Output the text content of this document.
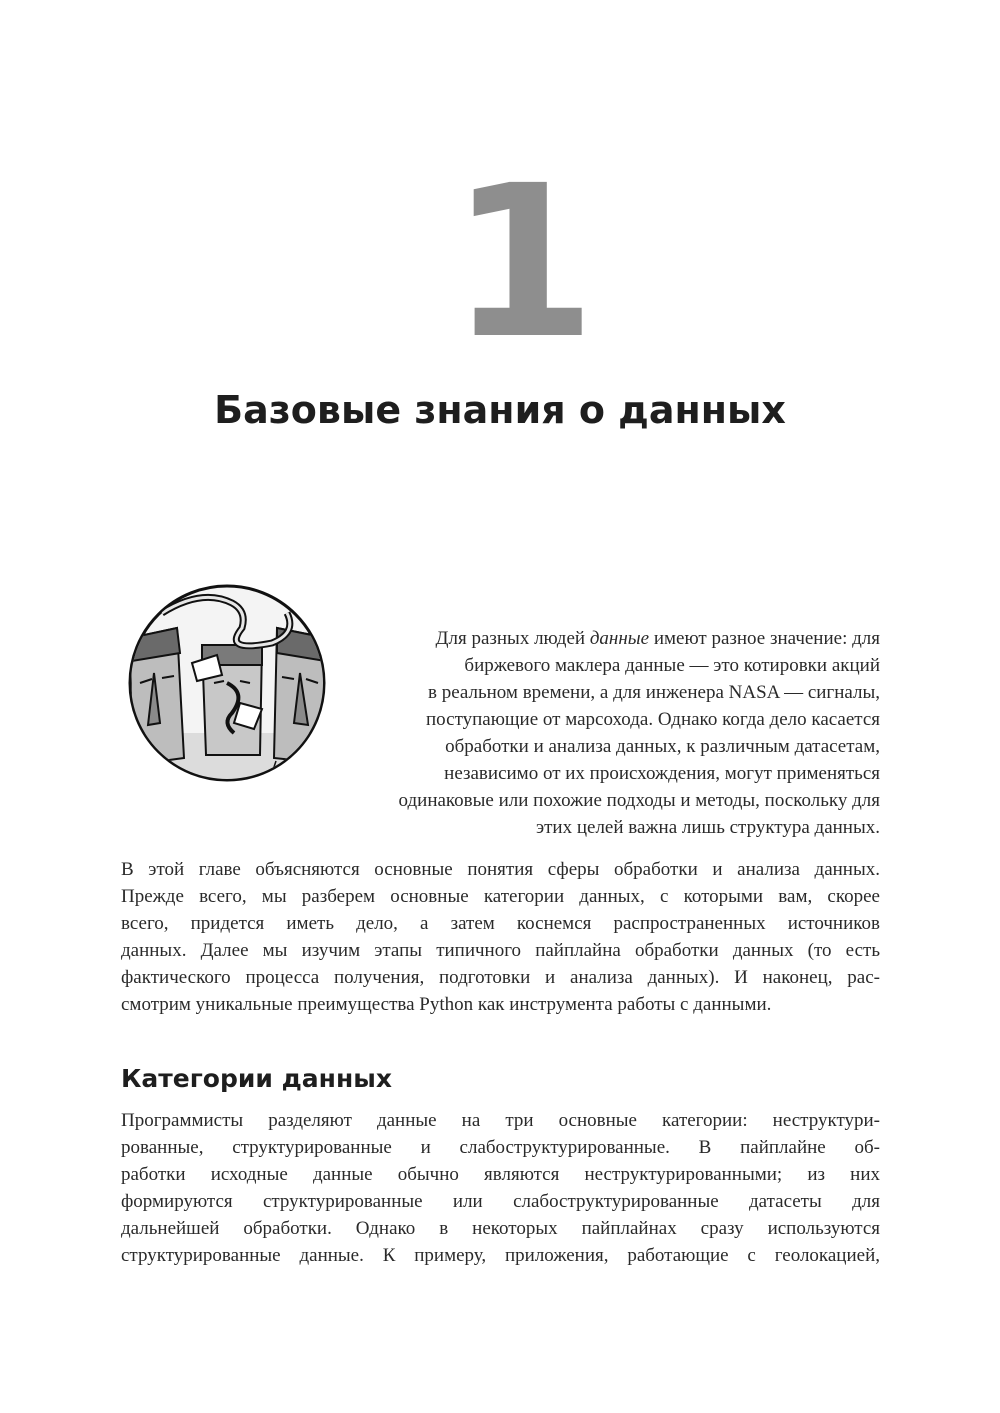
1
Базовые знания о данных

Для разных людей данные имеют разное значение: для

биржевого маклера данные — это котировки акций

в реальном времени, а для инженера NASA — сигналы,

поступающие от марсохода. Однако когда дело касается

обработки и анализа данных, к различным датасетам,

независимо от их происхождения, могут применяться

одинаковые или похожие подходы и методы, поскольку для

этих целей важна лишь структура данных.

В этой главе объясняются основные понятия сферы обработки и анализа данных.
Прежде всего, мы разберем основные категории данных, с которыми вам, скорее
всего, придется иметь дело, а затем коснемся распространенных источников
данных. Далее мы изучим этапы типичного пайплайна обработки данных (то есть
фактического процесса получения, подготовки и анализа данных). И наконец, рас-
смотрим уникальные преимущества Python как инструмента работы с данными.
Категории данных
Программисты разделяют данные на три основные категории: неструктури-
рованные, структурированные и слабоструктурированные. В пайплайне об-
работки исходные данные обычно являются неструктурированными; из них
формируются структурированные или слабоструктурированные датасеты для
дальнейшей обработки. Однако в некоторых пайплайнах сразу используются
структурированные данные. К примеру, приложения, работающие с геолокацией,
